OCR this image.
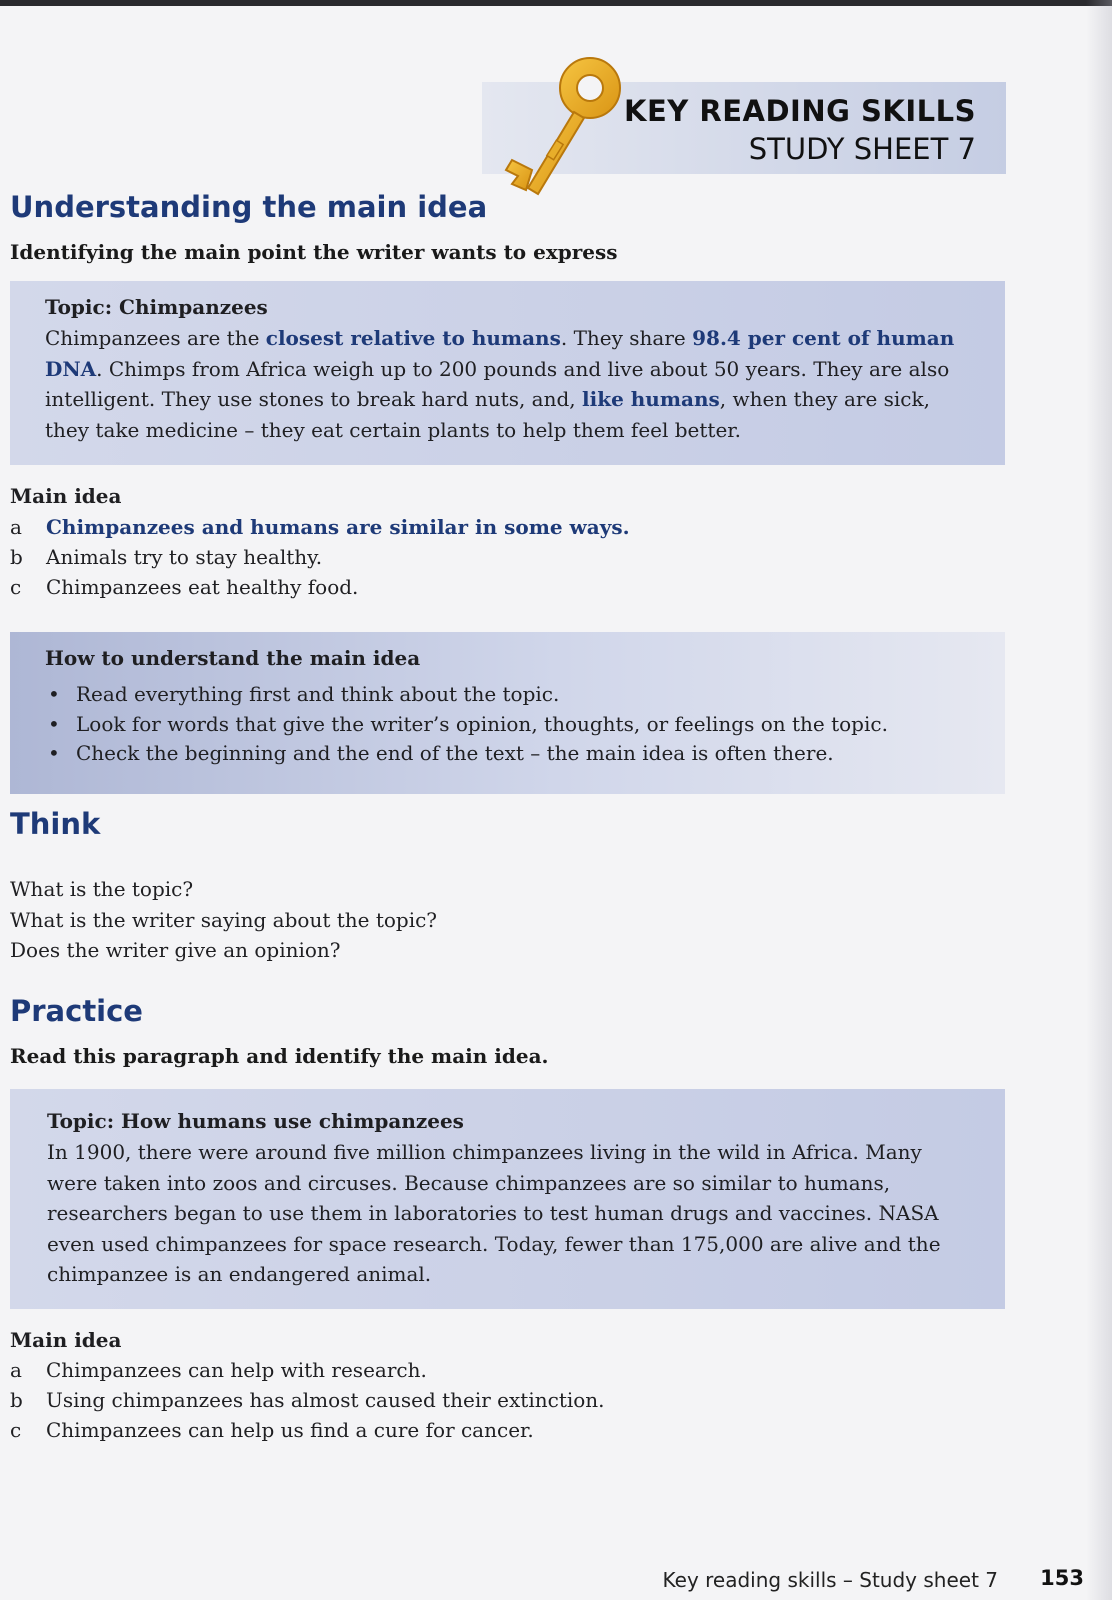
KEY READING SKILLS
STUDY SHEET 7
Understanding the main idea
Identifying the main point the writer wants to express
Topic: Chimpanzees

Chimpanzees are the closest relative to humans. They share 98.4 per cent of human DNA. Chimps from Africa weigh up to 200 pounds and live about 50 years. They are also intelligent. They use stones to break hard nuts, and, like humans, when they are sick, they take medicine – they eat certain plants to help them feel better.

Main idea
a	Chimpanzees and humans are similar in some ways.
b	Animals try to stay healthy.
c	Chimpanzees eat healthy food.
How to understand the main idea
• Read everything first and think about the topic.
• Look for words that give the writer’s opinion, thoughts, or feelings on the topic.
• Check the beginning and the end of the text – the main idea is often there.
Think
What is the topic?
What is the writer saying about the topic?
Does the writer give an opinion?
Practice
Read this paragraph and identify the main idea.
Topic: How humans use chimpanzees

In 1900, there were around five million chimpanzees living in the wild in Africa. Many were taken into zoos and circuses. Because chimpanzees are so similar to humans, researchers began to use them in laboratories to test human drugs and vaccines. NASA even used chimpanzees for space research. Today, fewer than 175,000 are alive and the chimpanzee is an endangered animal.

Main idea
a	Chimpanzees can help with research.
b	Using chimpanzees has almost caused their extinction.
c	Chimpanzees can help us find a cure for cancer.
Key reading skills – Study sheet 7 153
